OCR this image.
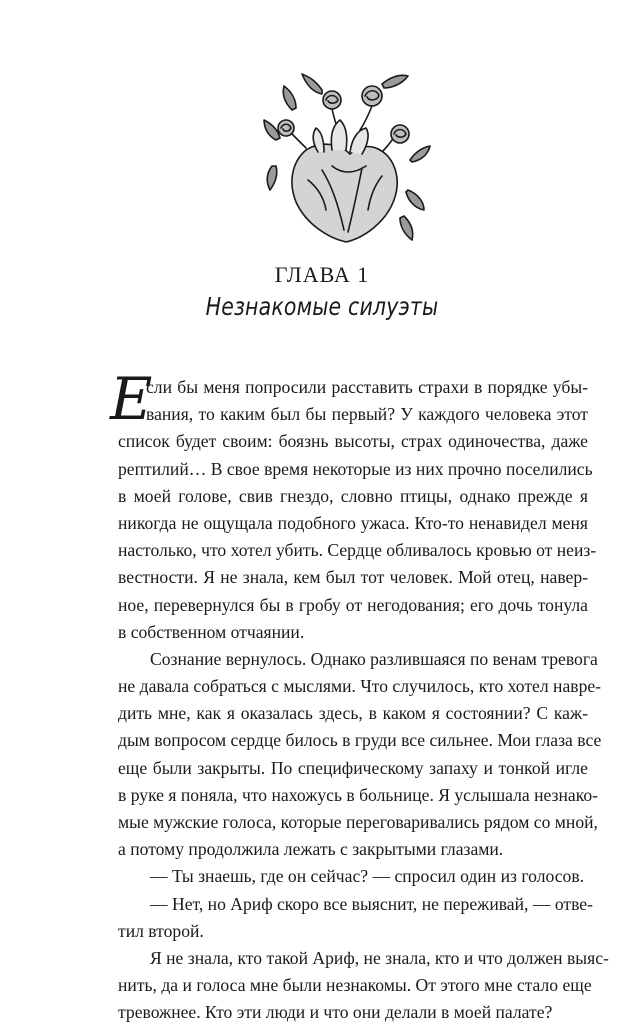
ГЛАВА 1
Незнакомые силуэты
Е
сли бы меня попросили расставить страхи в порядке убы-
вания, то каким был бы первый? У каждого человека этот
список будет своим: боязнь высоты, страх одиночества, даже
рептилий… В свое время некоторые из них прочно поселились
в моей голове, свив гнездо, словно птицы, однако прежде я
никогда не ощущала подобного ужаса. Кто-то ненавидел меня
настолько, что хотел убить. Сердце обливалось кровью от неиз-
вестности. Я не знала, кем был тот человек. Мой отец, навер-
ное, перевернулся бы в гробу от негодования; его дочь тонула
в собственном отчаянии.
Сознание вернулось. Однако разлившаяся по венам тревога
не давала собраться с мыслями. Что случилось, кто хотел навре-
дить мне, как я оказалась здесь, в каком я состоянии? С каж-
дым вопросом сердце билось в груди все сильнее. Мои глаза все
еще были закрыты. По специфическому запаху и тонкой игле
в руке я поняла, что нахожусь в больнице. Я услышала незнако-
мые мужские голоса, которые переговаривались рядом со мной,
а потому продолжила лежать с закрытыми глазами.
— Ты знаешь, где он сейчас? — спросил один из голосов.
— Нет, но Ариф скоро все выяснит, не переживай, — отве-
тил второй.
Я не знала, кто такой Ариф, не знала, кто и что должен выяс-
нить, да и голоса мне были незнакомы. От этого мне стало еще
тревожнее. Кто эти люди и что они делали в моей палате?
